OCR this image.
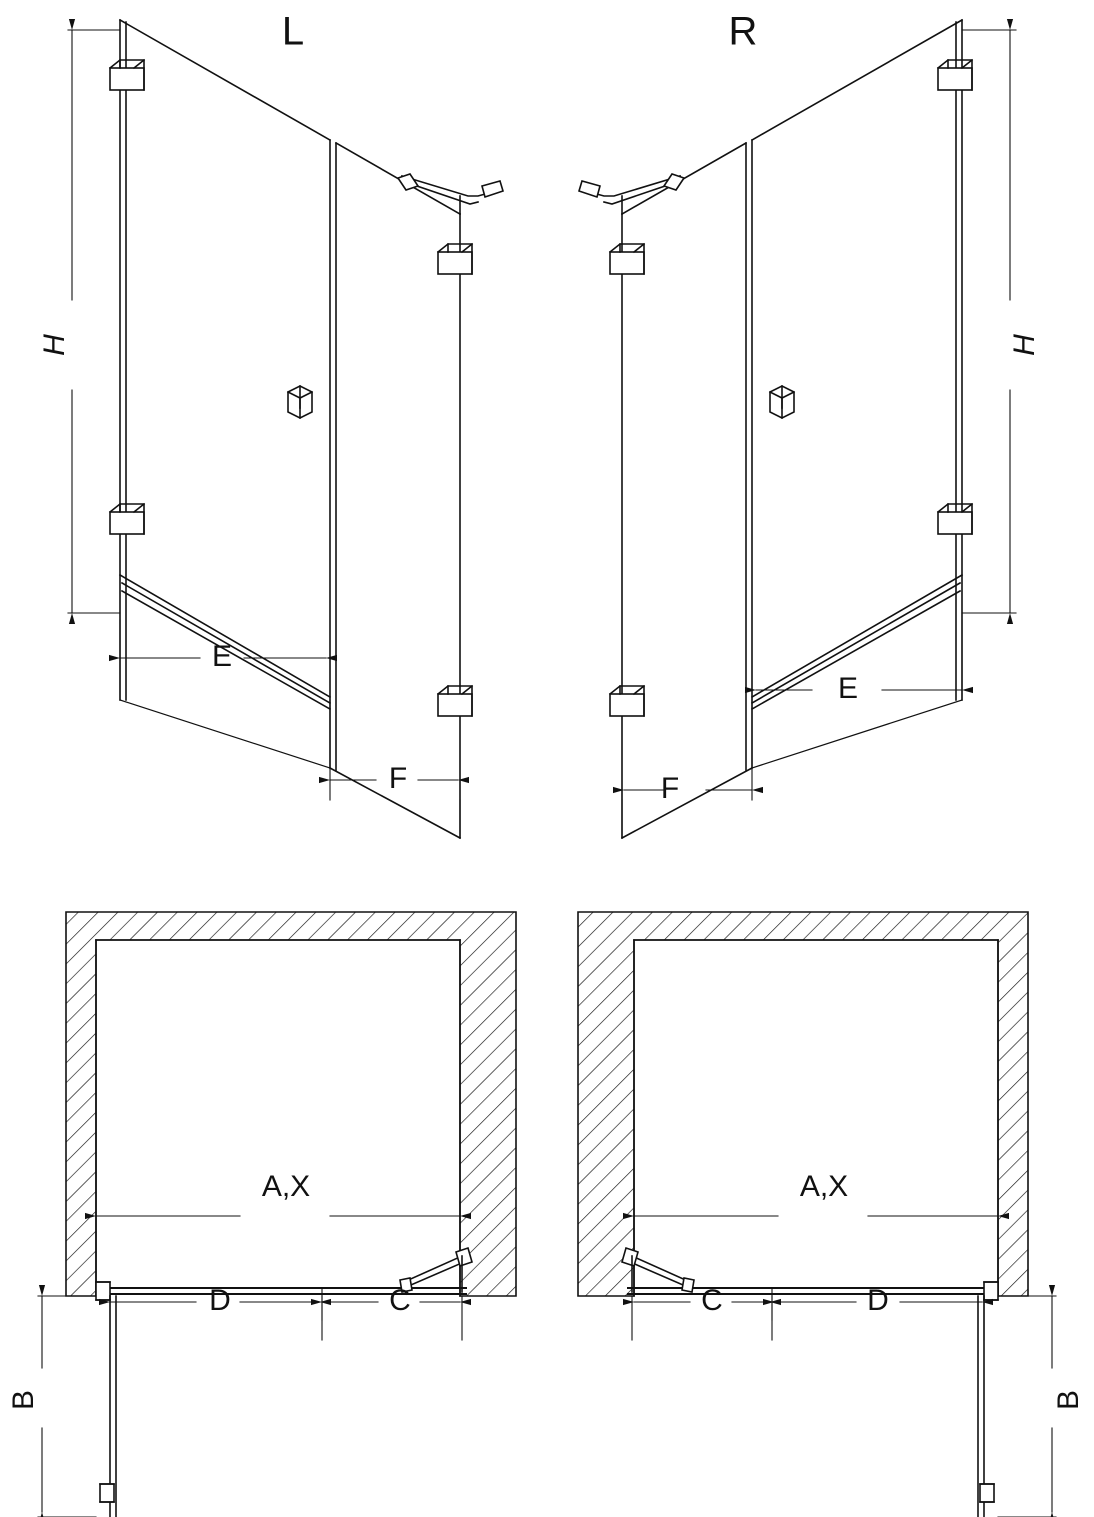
L	R
H	H
E
F
E
F
A,X
D	C
B
A,X
D
C
B
